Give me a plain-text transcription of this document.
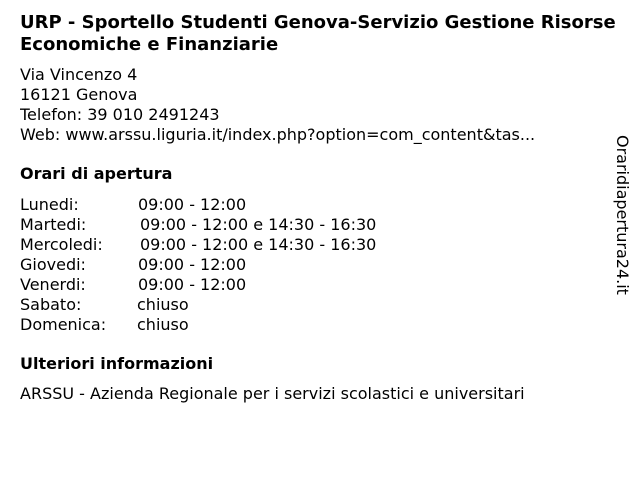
URP - Sportello Studenti Genova-Servizio Gestione Risorse Economiche e Finanziarie
Via Vincenzo 4
16121 Genova
Telefon: 39 010 2491243
Web: www.arssu.liguria.it/index.php?option=com_content&tas...
Orari di apertura
Lunedi:	09:00 - 12:00
Martedi:	09:00 - 12:00 e 14:30 - 16:30
Mercoledi: 09:00 - 12:00 e 14:30 - 16:30
Giovedi:	09:00 - 12:00
Venerdi:	09:00 - 12:00
Sabato:	chiuso
Domenica: chiuso
Ulteriori informazioni
ARSSU - Azienda Regionale per i servizi scolastici e universitari
Oraridiapertura24.it
